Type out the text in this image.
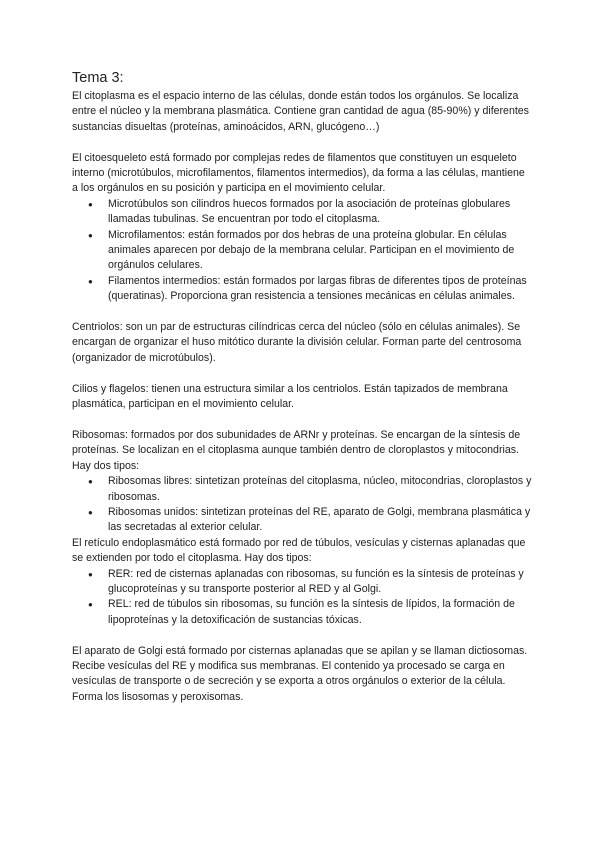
Tema 3:

El citoplasma es el espacio interno de las células, donde están todos los orgánulos. Se localiza entre el núcleo y la membrana plasmática. Contiene gran cantidad de agua (85-90%) y diferentes sustancias disueltas (proteínas, aminoácidos, ARN, glucógeno…)

El citoesqueleto está formado por complejas redes de filamentos que constituyen un esqueleto interno (microtúbulos, microfilamentos, filamentos intermedios), da forma a las células, mantiene a los orgánulos en su posición y participa en el movimiento celular.

● Microtúbulos son cilindros huecos formados por la asociación de proteínas globulares llamadas tubulinas. Se encuentran por todo el citoplasma.
● Microfilamentos: están formados por dos hebras de una proteína globular. En células animales aparecen por debajo de la membrana celular. Participan en el movimiento de orgánulos celulares.
● Filamentos intermedios: están formados por largas fibras de diferentes tipos de proteínas (queratinas). Proporciona gran resistencia a tensiones mecánicas en células animales.

Centriolos: son un par de estructuras cilíndricas cerca del núcleo (sólo en células animales). Se encargan de organizar el huso mitótico durante la división celular. Forman parte del centrosoma (organizador de microtúbulos).

Cilios y flagelos: tienen una estructura similar a los centriolos. Están tapizados de membrana plasmática, participan en el movimiento celular.

Ribosomas: formados por dos subunidades de ARNr y proteínas. Se encargan de la síntesis de proteínas. Se localizan en el citoplasma aunque también dentro de cloroplastos y mitocondrias. Hay dos tipos:

● Ribosomas libres: sintetizan proteínas del citoplasma, núcleo, mitocondrias, cloroplastos y ribosomas.
● Ribosomas unidos: sintetizan proteínas del RE, aparato de Golgi, membrana plasmática y las secretadas al exterior celular.

El retículo endoplasmático está formado por red de túbulos, vesículas y cisternas aplanadas que se extienden por todo el citoplasma. Hay dos tipos:

● RER: red de cisternas aplanadas con ribosomas, su función es la síntesis de proteínas y glucoproteínas y su transporte posterior al RED y al Golgi.
● REL: red de túbulos sin ribosomas, su función es la síntesis de lípidos, la formación de lipoproteínas y la detoxificación de sustancias tóxicas.

El aparato de Golgi está formado por cisternas aplanadas que se apilan y se llaman dictiosomas. Recibe vesículas del RE y modifica sus membranas. El contenido ya procesado se carga en vesículas de transporte o de secreción y se exporta a otros orgánulos o exterior de la célula. Forma los lisosomas y peroxisomas.
